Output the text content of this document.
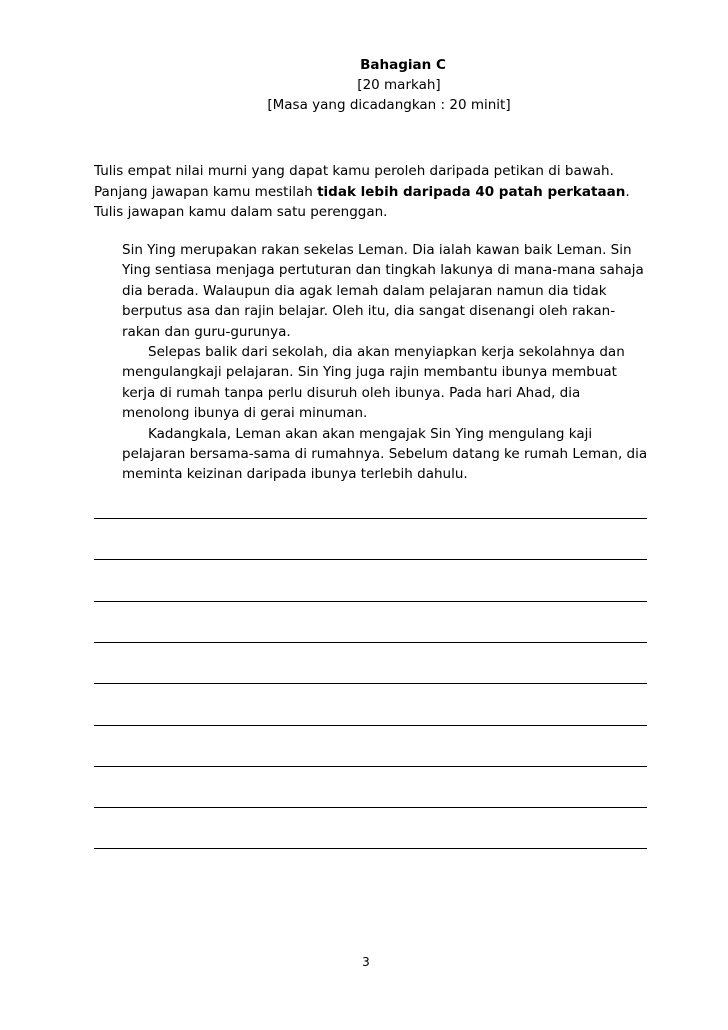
Bahagian C
[20 markah]
[Masa yang dicadangkan : 20 minit]

Tulis empat nilai murni yang dapat kamu peroleh daripada petikan di bawah.

Panjang jawapan kamu mestilah tidak lebih daripada 40 patah perkataan.

Tulis jawapan kamu dalam satu perenggan.

Sin Ying merupakan rakan sekelas Leman. Dia ialah kawan baik Leman. Sin
Ying sentiasa menjaga pertuturan dan tingkah lakunya di mana-mana sahaja
dia berada. Walaupun dia agak lemah dalam pelajaran namun dia tidak
berputus asa dan rajin belajar. Oleh itu, dia sangat disenangi oleh rakan-
rakan dan guru-gurunya.

Selepas balik dari sekolah, dia akan menyiapkan kerja sekolahnya dan
mengulangkaji pelajaran. Sin Ying juga rajin membantu ibunya membuat
kerja di rumah tanpa perlu disuruh oleh ibunya. Pada hari Ahad, dia
menolong ibunya di gerai minuman.

Kadangkala, Leman akan akan mengajak Sin Ying mengulang kaji
pelajaran bersama-sama di rumahnya. Sebelum datang ke rumah Leman, dia
meminta keizinan daripada ibunya terlebih dahulu.

3
